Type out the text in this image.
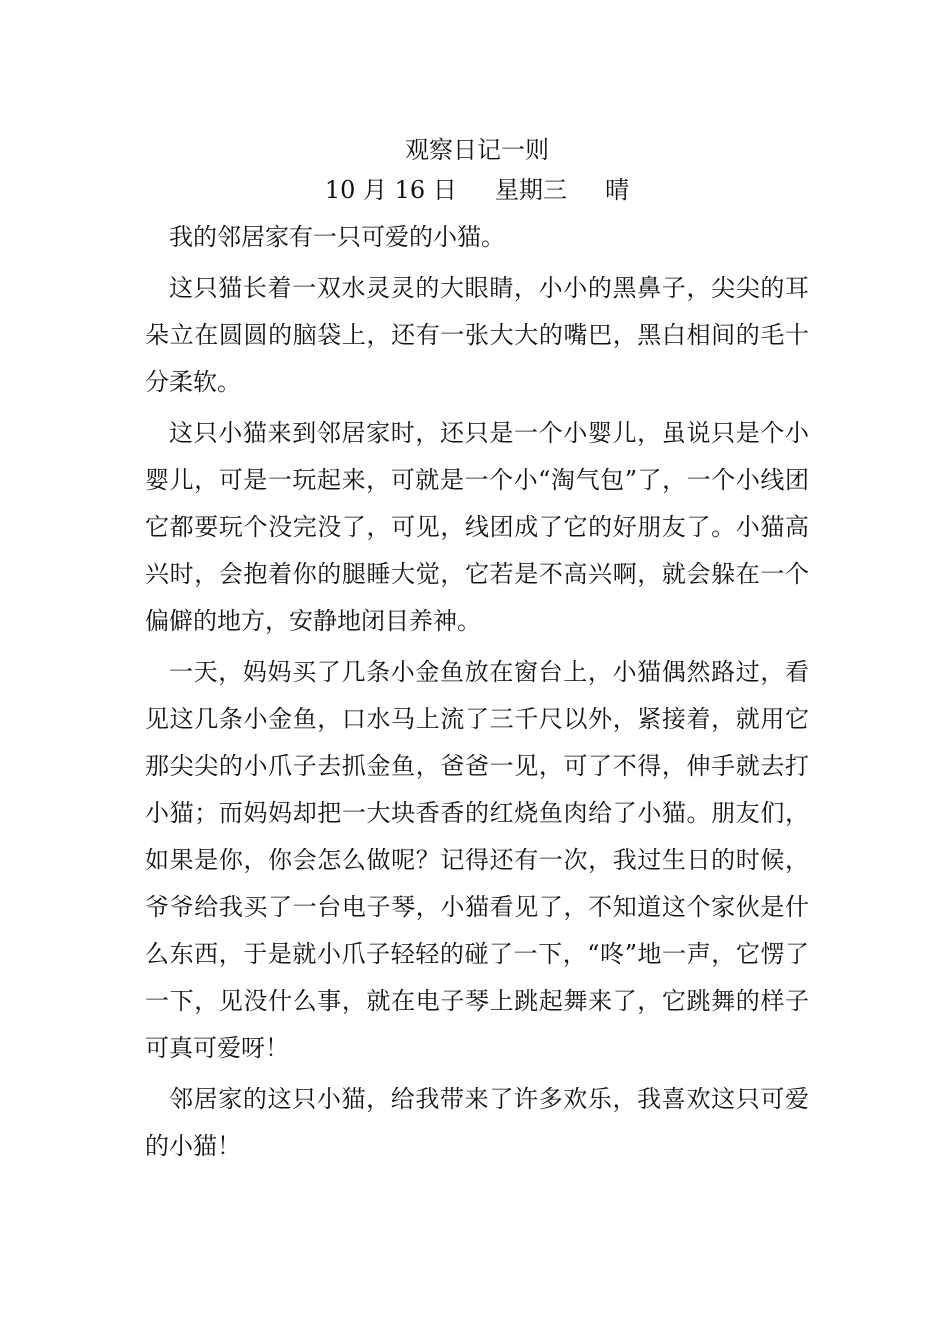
观察日记一则

10 月 16 日     星期三     晴

我的邻居家有一只可爱的小猫。

这只猫长着一双水灵灵的大眼睛，小小的黑鼻子，尖尖的耳朵立在圆圆的脑袋上，还有一张大大的嘴巴，黑白相间的毛十分柔软。

这只小猫来到邻居家时，还只是一个小婴儿，虽说只是个小婴儿，可是一玩起来，可就是一个小“淘气包”了，一个小线团它都要玩个没完没了，可见，线团成了它的好朋友了。小猫高兴时，会抱着你的腿睡大觉，它若是不高兴啊，就会躲在一个偏僻的地方，安静地闭目养神。

一天，妈妈买了几条小金鱼放在窗台上，小猫偶然路过，看见这几条小金鱼，口水马上流了三千尺以外，紧接着，就用它那尖尖的小爪子去抓金鱼，爸爸一见，可了不得，伸手就去打小猫；而妈妈却把一大块香香的红烧鱼肉给了小猫。朋友们，如果是你，你会怎么做呢？记得还有一次，我过生日的时候，爷爷给我买了一台电子琴，小猫看见了，不知道这个家伙是什么东西，于是就小爪子轻轻的碰了一下，“咚”地一声，它愣了一下，见没什么事，就在电子琴上跳起舞来了，它跳舞的样子可真可爱呀！

邻居家的这只小猫，给我带来了许多欢乐，我喜欢这只可爱的小猫！
